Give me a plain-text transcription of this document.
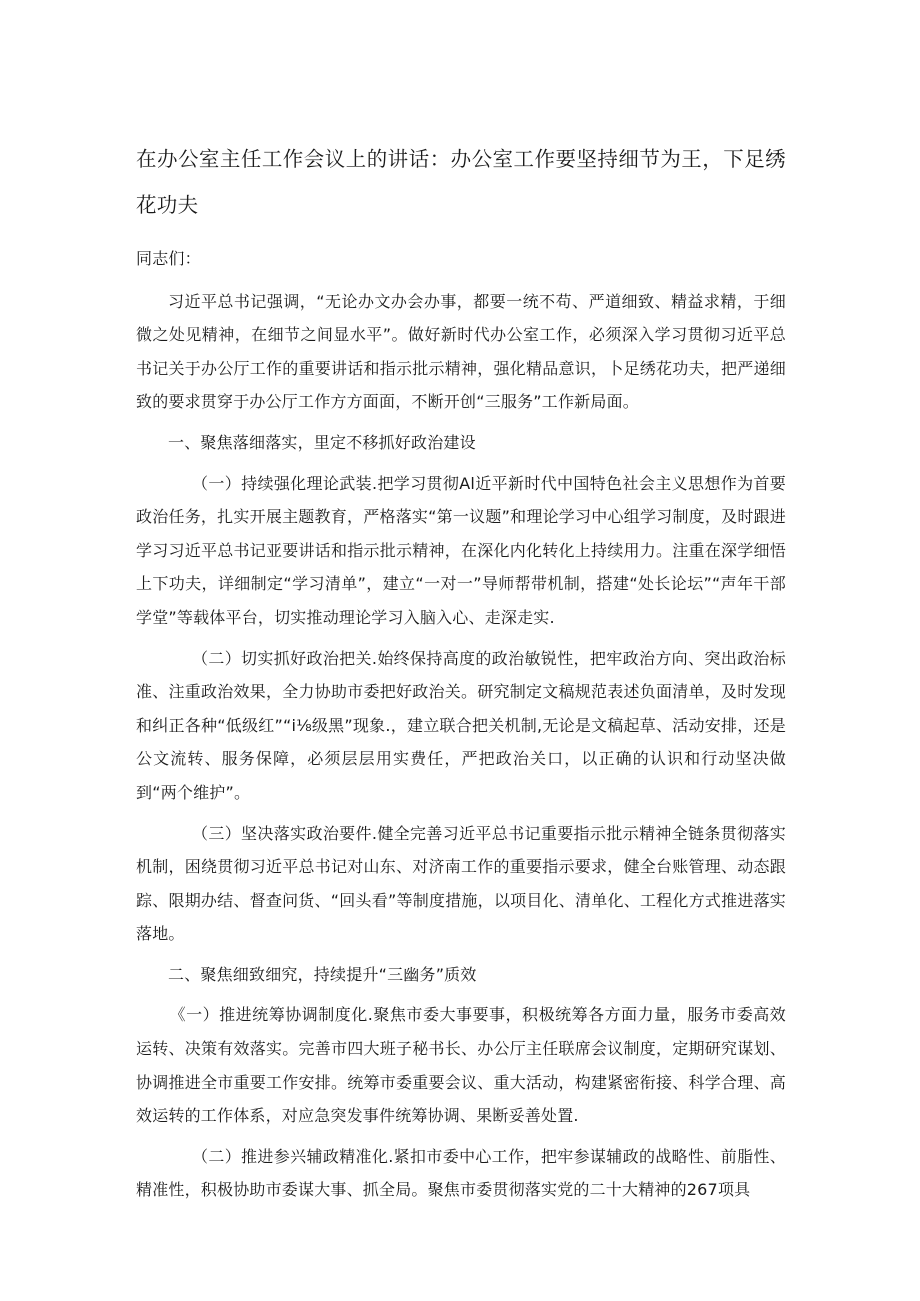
在办公室主任工作会议上的讲话：办公室工作要坚持细节为王，下足绣花功夫

同志们：

习近平总书记强调，“无论办文办会办事，都要一统不苟、严道细致、精益求精，于细微之处见精神，在细节之间显水平”。做好新时代办公室工作，必须深入学习贯彻习近平总书记关于办公厅工作的重要讲话和指示批示精神，强化精品意识，卜足绣花功夫，把严递细致的要求贯穿于办公厅工作方方面面，不断开创“三服务”工作新局面。

一、聚焦落细落实，里定不移抓好政治建设

（一）持续强化理论武装.把学习贯彻Al近平新时代中国特色社会主义思想作为首要政治任务，扎实开展主题教育，严格落实“第一议题”和理论学习中心组学习制度，及时跟进学习习近平总书记亚要讲话和指示批示精神，在深化内化转化上持续用力。注重在深学细悟上下功夫，详细制定“学习清单”，建立“一对一”导师帮带机制，搭建“处长论坛”“声年干部学堂”等载体平台，切实推动理论学习入脑入心、走深走实.

（二）切实抓好政治把关.始终保持高度的政治敏锐性，把牢政治方向、突出政治标准、注重政治效果，全力协助市委把好政治关。研究制定文稿规范表述负面清单，及时发现和纠正各种“低级红”“i⅛级黑”现象.，建立联合把关机制,无论是文稿起草、活动安排，还是公文流转、服务保障，必须层层用实费任，严把政治关口，以正确的认识和行动坚决做到“两个维护”。

（三）坚决落实政治要件.健全完善习近平总书记重要指示批示精神全链条贯彻落实机制，困绕贯彻习近平总书记对山东、对济南工作的重要指示要求，健全台账管理、动态跟踪、限期办结、督查问货、“回头看”等制度措施，以项目化、清单化、工程化方式推进落实落地。

二、聚焦细致细究，持续提升“三幽务”质效

《一）推进统筹协调制度化.聚焦市委大事要事，积极统筹各方面力量，服务市委高效运转、决策有效落实。完善市四大班子秘书长、办公厅主任联席会议制度，定期研究谋划、协调推进全市重要工作安排。统筹市委重要会议、重大活动，构建紧密衔接、科学合理、高效运转的工作体系，对应急突发事件统筹协调、果断妥善处置.

（二）推进参兴辅政精准化.紧扣市委中心工作，把牢参谋辅政的战略性、前脂性、精准性，积极协助市委谋大事、抓全局。聚焦市委贯彻落实党的二十大精神的267项具
